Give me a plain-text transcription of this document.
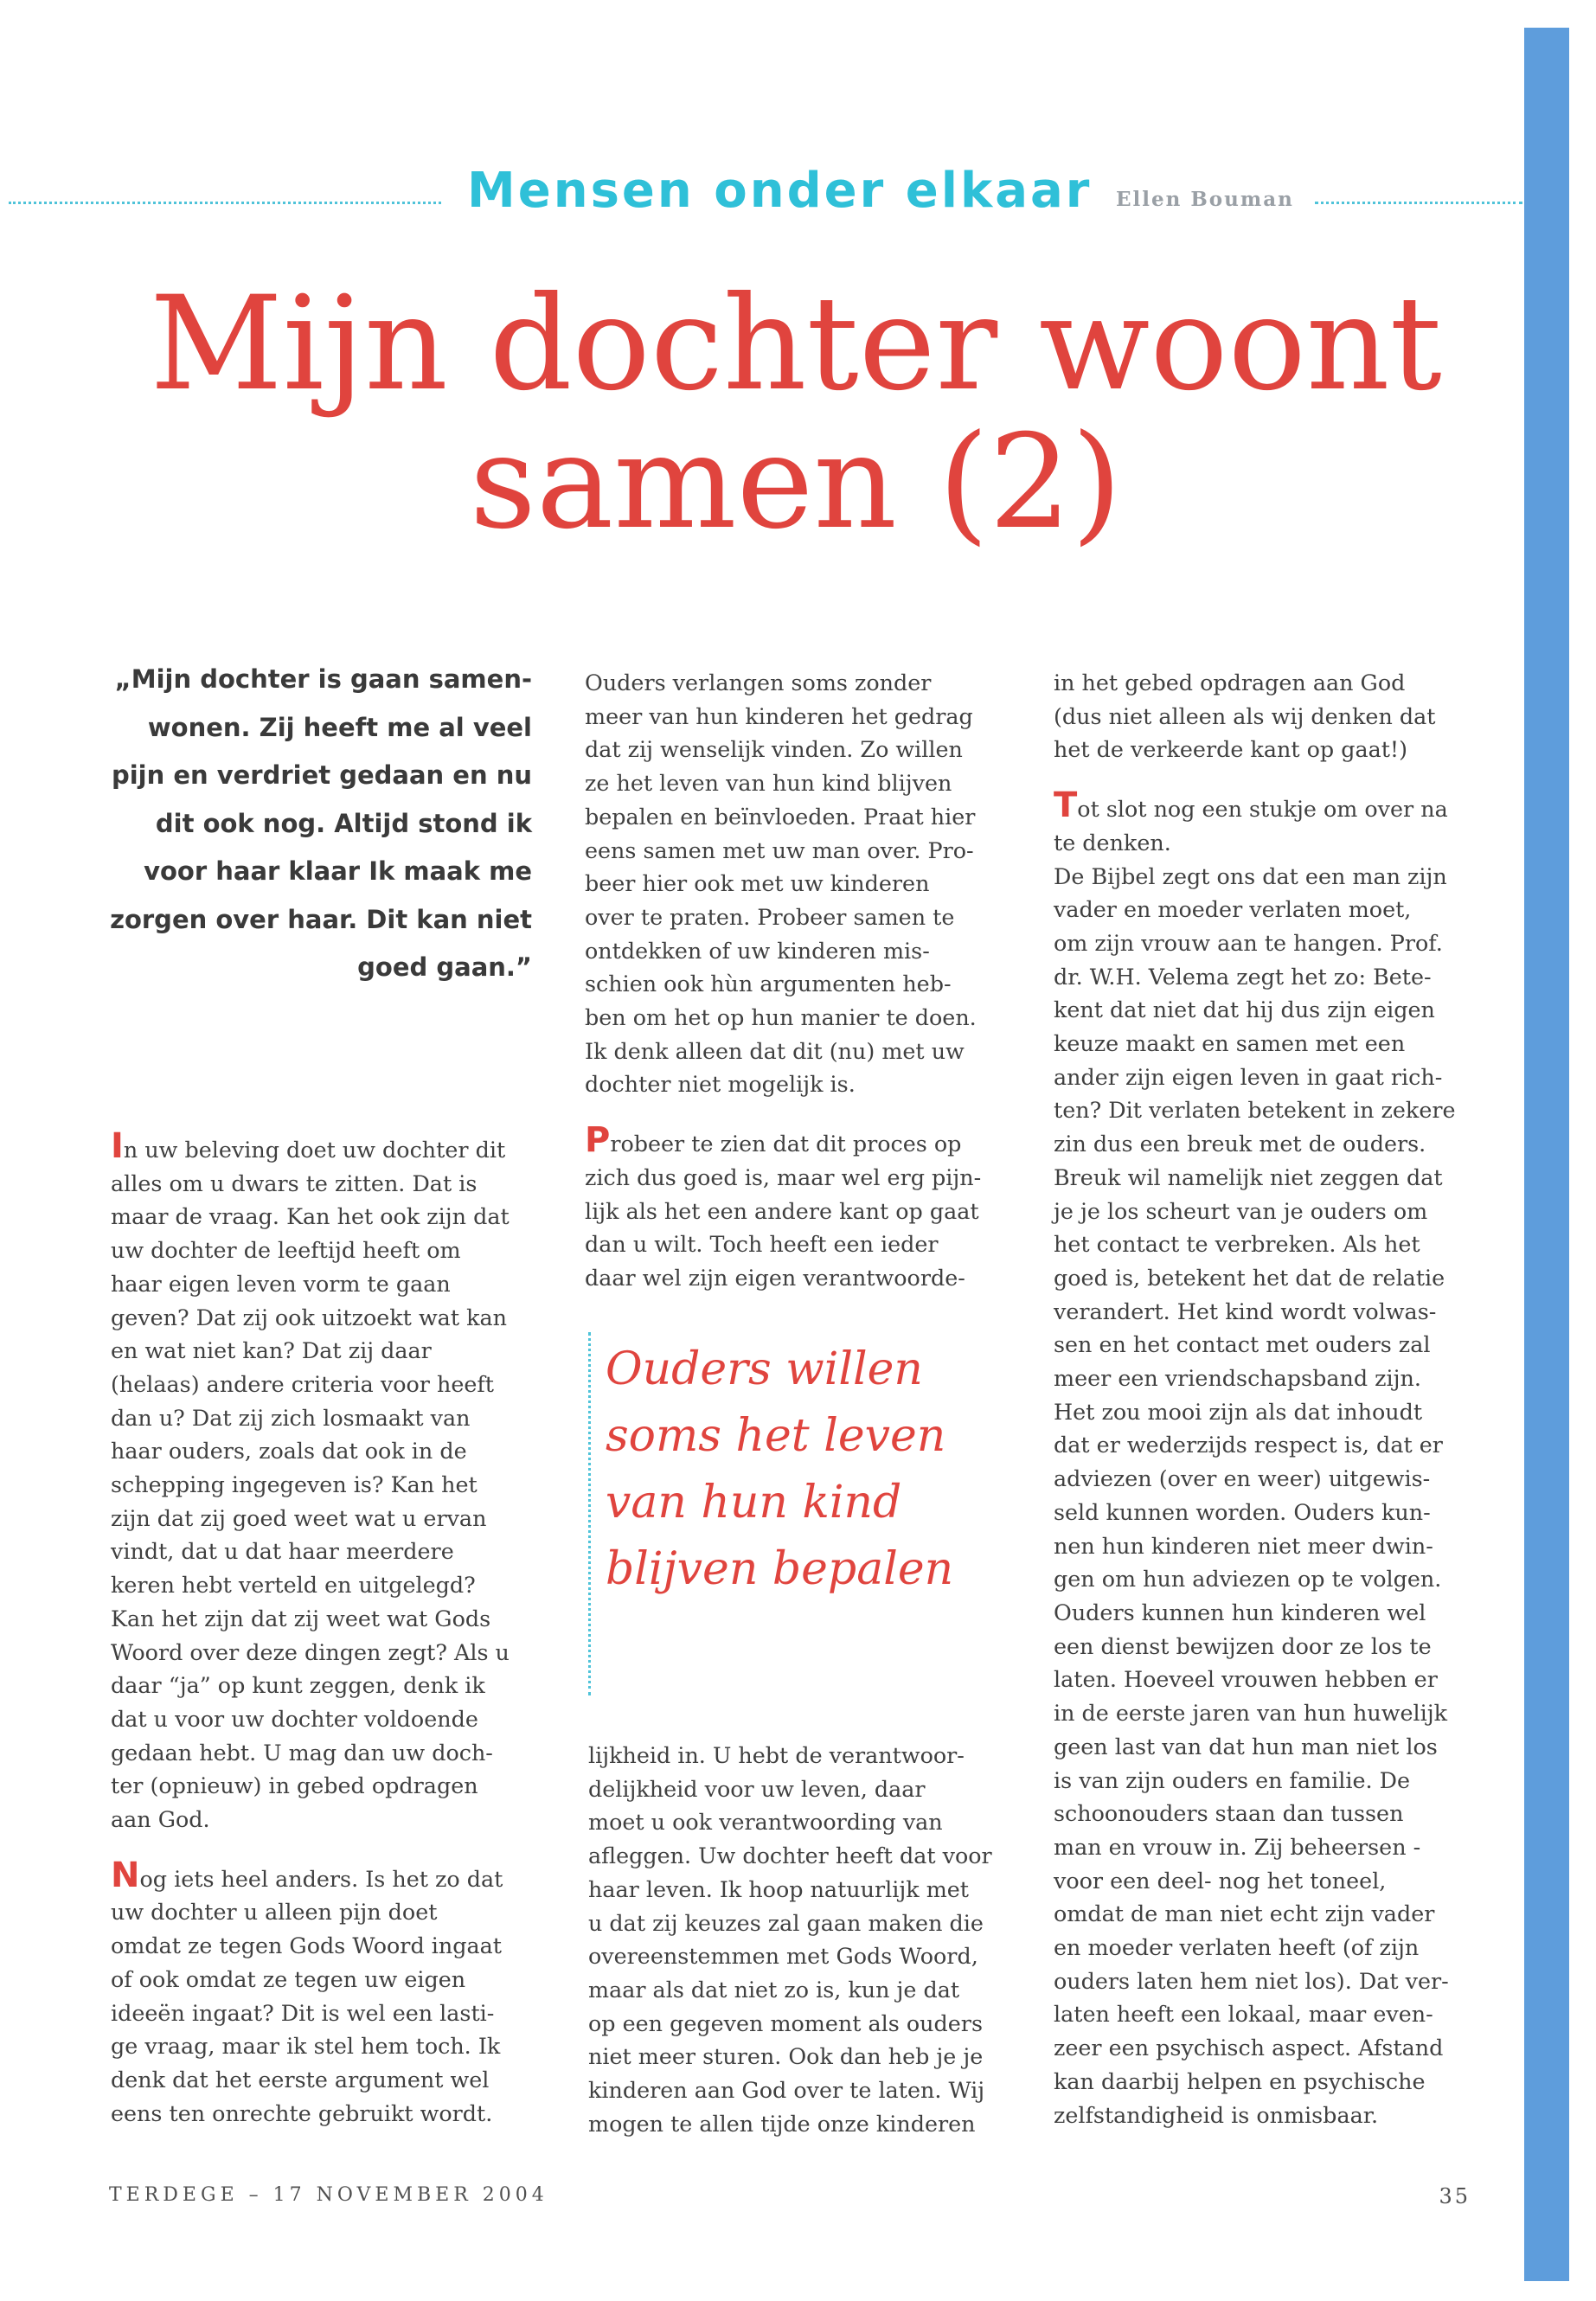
Mensen onder elkaar Ellen Bouman
Mijn dochter woont samen (2)
„Mijn dochter is gaan samen-wonen. Zij heeft me al veel pijn en verdriet gedaan en nu dit ook nog. Altijd stond ik voor haar klaar Ik maak me zorgen over haar. Dit kan niet goed gaan.”

In uw beleving doet uw dochter dit
alles om u dwars te zitten. Dat is
maar de vraag. Kan het ook zijn dat
uw dochter de leeftijd heeft om
haar eigen leven vorm te gaan
geven? Dat zij ook uitzoekt wat kan
en wat niet kan? Dat zij daar
(helaas) andere criteria voor heeft
dan u? Dat zij zich losmaakt van
haar ouders, zoals dat ook in de
schepping ingegeven is? Kan het
zijn dat zij goed weet wat u ervan
vindt, dat u dat haar meerdere
keren hebt verteld en uitgelegd?
Kan het zijn dat zij weet wat Gods
Woord over deze dingen zegt? Als u
daar “ja” op kunt zeggen, denk ik
dat u voor uw dochter voldoende
gedaan hebt. U mag dan uw doch-
ter (opnieuw) in gebed opdragen
aan God.

Nog iets heel anders. Is het zo dat
uw dochter u alleen pijn doet
omdat ze tegen Gods Woord ingaat
of ook omdat ze tegen uw eigen
ideeën ingaat? Dit is wel een lasti-
ge vraag, maar ik stel hem toch. Ik
denk dat het eerste argument wel
eens ten onrechte gebruikt wordt.

Ouders verlangen soms zonder
meer van hun kinderen het gedrag
dat zij wenselijk vinden. Zo willen
ze het leven van hun kind blijven
bepalen en beïnvloeden. Praat hier
eens samen met uw man over. Pro-
beer hier ook met uw kinderen
over te praten. Probeer samen te
ontdekken of uw kinderen mis-
schien ook hùn argumenten heb-
ben om het op hun manier te doen.
Ik denk alleen dat dit (nu) met uw
dochter niet mogelijk is.

Probeer te zien dat dit proces op
zich dus goed is, maar wel erg pijn-
lijk als het een andere kant op gaat
dan u wilt. Toch heeft een ieder
daar wel zijn eigen verantwoorde-

Ouders willen
soms het leven
van hun kind
blijven bepalen

lijkheid in. U hebt de verantwoor-
delijkheid voor uw leven, daar
moet u ook verantwoording van
afleggen. Uw dochter heeft dat voor
haar leven. Ik hoop natuurlijk met
u dat zij keuzes zal gaan maken die
overeenstemmen met Gods Woord,
maar als dat niet zo is, kun je dat
op een gegeven moment als ouders
niet meer sturen. Ook dan heb je je
kinderen aan God over te laten. Wij
mogen te allen tijde onze kinderen

in het gebed opdragen aan God
(dus niet alleen als wij denken dat
het de verkeerde kant op gaat!)

Tot slot nog een stukje om over na
te denken.
De Bijbel zegt ons dat een man zijn
vader en moeder verlaten moet,
om zijn vrouw aan te hangen. Prof.
dr. W.H. Velema zegt het zo: Bete-
kent dat niet dat hij dus zijn eigen
keuze maakt en samen met een
ander zijn eigen leven in gaat rich-
ten? Dit verlaten betekent in zekere
zin dus een breuk met de ouders.
Breuk wil namelijk niet zeggen dat
je je los scheurt van je ouders om
het contact te verbreken. Als het
goed is, betekent het dat de relatie
verandert. Het kind wordt volwas-
sen en het contact met ouders zal
meer een vriendschapsband zijn.
Het zou mooi zijn als dat inhoudt
dat er wederzijds respect is, dat er
adviezen (over en weer) uitgewis-
seld kunnen worden. Ouders kun-
nen hun kinderen niet meer dwin-
gen om hun adviezen op te volgen.
Ouders kunnen hun kinderen wel
een dienst bewijzen door ze los te
laten. Hoeveel vrouwen hebben er
in de eerste jaren van hun huwelijk
geen last van dat hun man niet los
is van zijn ouders en familie. De
schoonouders staan dan tussen
man en vrouw in. Zij beheersen -
voor een deel- nog het toneel,
omdat de man niet echt zijn vader
en moeder verlaten heeft (of zijn
ouders laten hem niet los). Dat ver-
laten heeft een lokaal, maar even-
zeer een psychisch aspect. Afstand
kan daarbij helpen en psychische
zelfstandigheid is onmisbaar.

TERDEGE – 17 NOVEMBER 2004	35
